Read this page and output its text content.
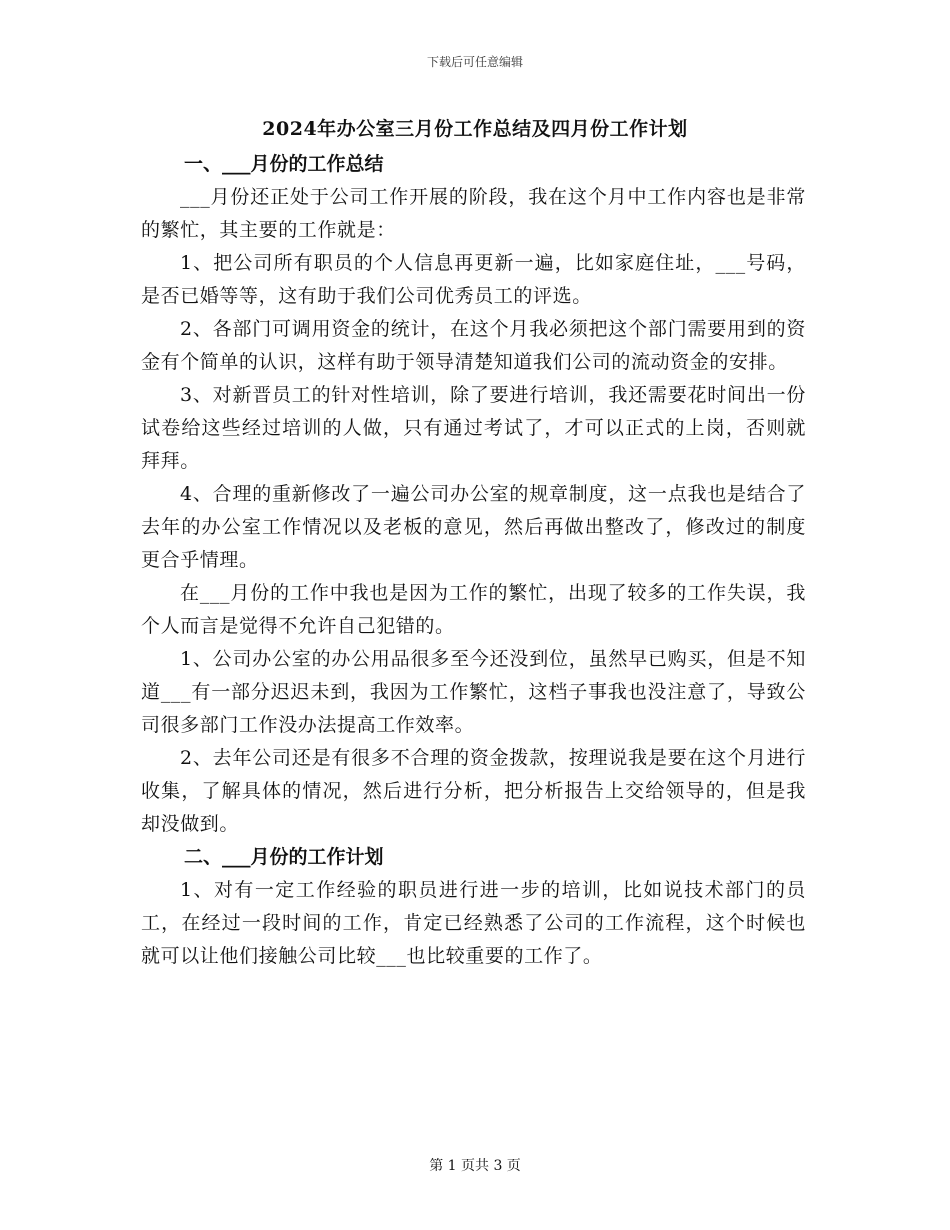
下载后可任意编辑
2024年办公室三月份工作总结及四月份工作计划

一、___月份的工作总结

___月份还正处于公司工作开展的阶段，我在这个月中工作内容也是非常的繁忙，其主要的工作就是：

1、把公司所有职员的个人信息再更新一遍，比如家庭住址，___号码，是否已婚等等，这有助于我们公司优秀员工的评选。

2、各部门可调用资金的统计，在这个月我必须把这个部门需要用到的资金有个简单的认识，这样有助于领导清楚知道我们公司的流动资金的安排。

3、对新晋员工的针对性培训，除了要进行培训，我还需要花时间出一份试卷给这些经过培训的人做，只有通过考试了，才可以正式的上岗，否则就拜拜。

4、合理的重新修改了一遍公司办公室的规章制度，这一点我也是结合了去年的办公室工作情况以及老板的意见，然后再做出整改了，修改过的制度更合乎情理。

在___月份的工作中我也是因为工作的繁忙，出现了较多的工作失误，我个人而言是觉得不允许自己犯错的。

1、公司办公室的办公用品很多至今还没到位，虽然早已购买，但是不知道___有一部分迟迟未到，我因为工作繁忙，这档子事我也没注意了，导致公司很多部门工作没办法提高工作效率。

2、去年公司还是有很多不合理的资金拨款，按理说我是要在这个月进行收集，了解具体的情况，然后进行分析，把分析报告上交给领导的，但是我却没做到。

二、___月份的工作计划

1、对有一定工作经验的职员进行进一步的培训，比如说技术部门的员工，在经过一段时间的工作，肯定已经熟悉了公司的工作流程，这个时候也就可以让他们接触公司比较___也比较重要的工作了。

第 1 页共 3 页
